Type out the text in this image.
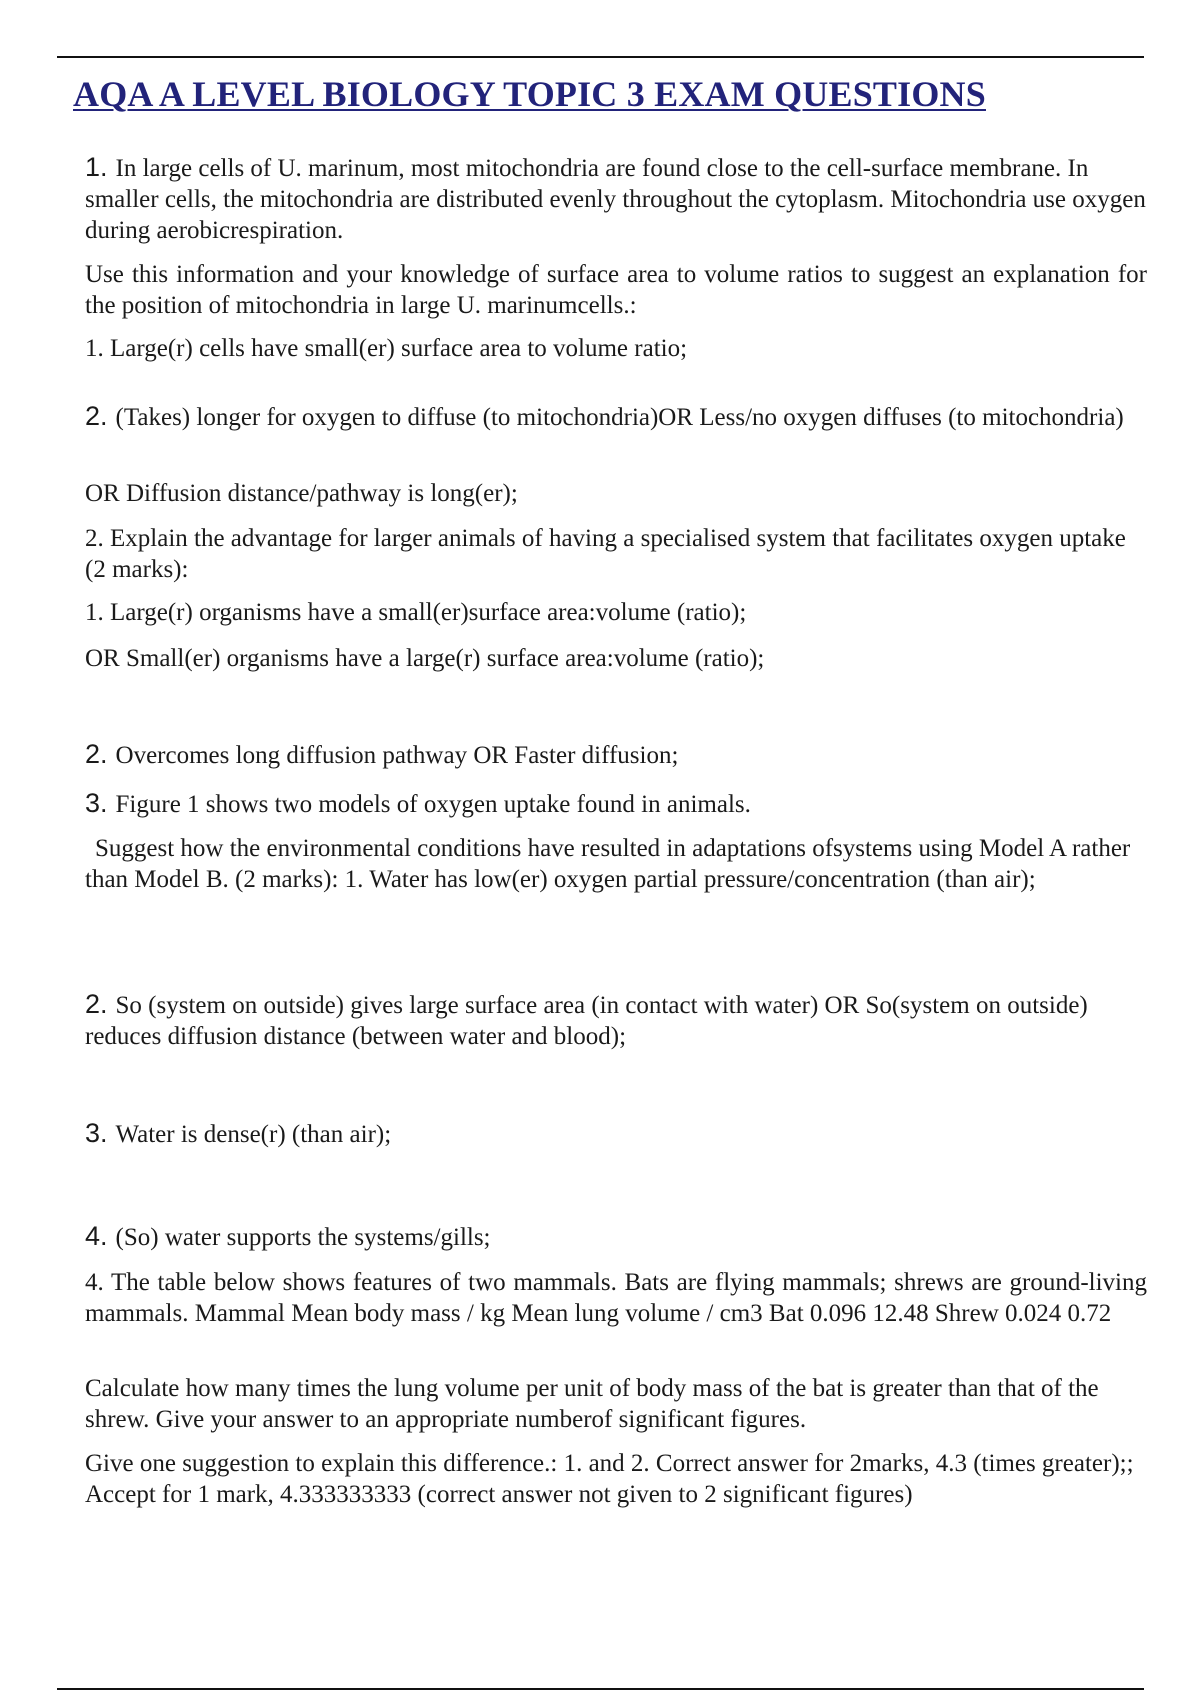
AQA A LEVEL BIOLOGY TOPIC 3 EXAM QUESTIONS

1. In large cells of U. marinum, most mitochondria are found close to the cell-surface membrane. In smaller cells, the mitochondria are distributed evenly throughout the cytoplasm. Mitochondria use oxygen during aerobicrespiration.

Use this information and your knowledge of surface area to volume ratios to suggest an explanation for the position of mitochondria in large U. marinumcells.:

1. Large(r) cells have small(er) surface area to volume ratio;

2. (Takes) longer for oxygen to diffuse (to mitochondria)OR Less/no oxygen diffuses (to mitochondria)

OR Diffusion distance/pathway is long(er);

2. Explain the advantage for larger animals of having a specialised system that facilitates oxygen uptake (2 marks):

1. Large(r) organisms have a small(er)surface area:volume (ratio);

OR Small(er) organisms have a large(r) surface area:volume (ratio);

2. Overcomes long diffusion pathway OR Faster diffusion;

3. Figure 1 shows two models of oxygen uptake found in animals.

Suggest how the environmental conditions have resulted in adaptations ofsystems using Model A rather than Model B. (2 marks): 1. Water has low(er) oxygen partial pressure/concentration (than air);

2. So (system on outside) gives large surface area (in contact with water) OR So(system on outside) reduces diffusion distance (between water and blood);

3. Water is dense(r) (than air);

4. (So) water supports the systems/gills;

4. The table below shows features of two mammals. Bats are flying mammals; shrews are ground-living mammals. Mammal Mean body mass / kg Mean lung volume / cm3 Bat 0.096 12.48 Shrew 0.024 0.72

Calculate how many times the lung volume per unit of body mass of the bat is greater than that of the shrew. Give your answer to an appropriate numberof significant figures.

Give one suggestion to explain this difference.: 1. and 2. Correct answer for 2marks, 4.3 (times greater);; Accept for 1 mark, 4.333333333 (correct answer not given to 2 significant figures)
